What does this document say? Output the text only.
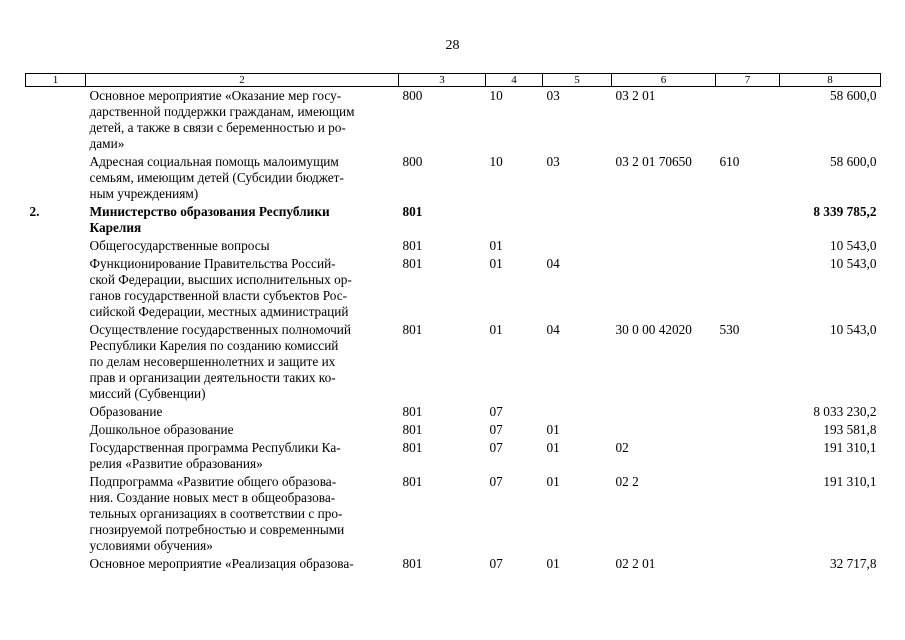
28
1	2	3	4	5	6	7	8
	Основное мероприятие «Оказание мер госу-
дарственной поддержки гражданам, имеющим
детей, а также в связи с беременностью и ро-
дами»	800	10	03	03 2 01		58 600,0
	Адресная социальная помощь малоимущим
семьям, имеющим детей (Субсидии бюджет-
ным учреждениям)	800	10	03	03 2 01 70650	610	58 600,0
2.	Министерство образования Республики
Карелия	801					8 339 785,2
	Общегосударственные вопросы	801	01				10 543,0
	Функционирование Правительства Россий-
ской Федерации, высших исполнительных ор-
ганов государственной власти субъектов Рос-
сийской Федерации, местных администраций	801	01	04			10 543,0
	Осуществление государственных полномочий
Республики Карелия по созданию комиссий
по делам несовершеннолетних и защите их
прав и организации деятельности таких ко-
миссий (Субвенции)	801	01	04	30 0 00 42020	530	10 543,0
	Образование	801	07				8 033 230,2
	Дошкольное образование	801	07	01			193 581,8
	Государственная программа Республики Ка-
релия «Развитие образования»	801	07	01	02		191 310,1
	Подпрограмма «Развитие общего образова-
ния. Создание новых мест в общеобразова-
тельных организациях в соответствии с про-
гнозируемой потребностью и современными
условиями обучения»	801	07	01	02 2		191 310,1
	Основное мероприятие «Реализация образова-	801	07	01	02 2 01		32 717,8
